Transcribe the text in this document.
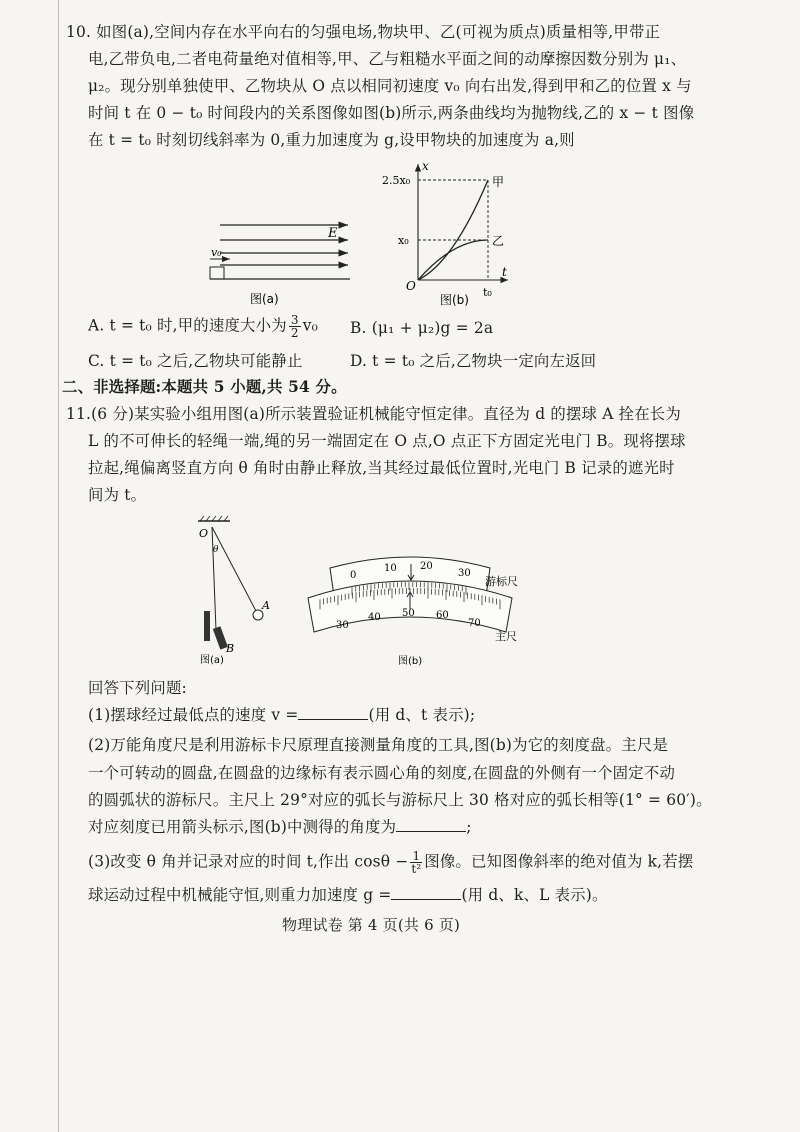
10. 如图(a),空间内存在水平向右的匀强电场,物块甲、乙(可视为质点)质量相等,甲带正
电,乙带负电,二者电荷量绝对值相等,甲、乙与粗糙水平面之间的动摩擦因数分别为 μ₁、
μ₂。现分别单独使甲、乙物块从 O 点以相同初速度 v₀ 向右出发,得到甲和乙的位置 x 与
时间 t 在 0 − t₀ 时间段内的关系图像如图(b)所示,两条曲线均为抛物线,乙的 x − t 图像
在 t = t₀ 时刻切线斜率为 0,重力加速度为 g,设甲物块的加速度为 a,则
E
v₀
图(a)
x
t
O
2.5x₀
x₀
t₀
甲
乙
图(b)
A. t = t₀ 时,甲的速度大小为 $\frac{3}{2} v_0$ B. (μ₁ + μ₂)g = 2a
C. t = t₀ 之后,乙物块可能静止	D. t = t₀ 之后,乙物块一定向左返回
二、非选择题:本题共 5 小题,共 54 分。
11.(6 分)某实验小组用图(a)所示装置验证机械能守恒定律。直径为 d 的摆球 A 拴在长为
L 的不可伸长的轻绳一端,绳的另一端固定在 O 点,O 点正下方固定光电门 B。现将摆球
拉起,绳偏离竖直方向 θ 角时由静止释放,当其经过最低位置时,光电门 B 记录的遮光时
间为 t。
O
θ
A
B
图(a)
0
10 20
30
30
40 50 60
70
游标尺
主尺
图(b)
回答下列问题:
(1)摆球经过最低点的速度 v =	(用 d、t 表示);
(2)万能角度尺是利用游标卡尺原理直接测量角度的工具,图(b)为它的刻度盘。主尺是
一个可转动的圆盘,在圆盘的边缘标有表示圆心角的刻度,在圆盘的外侧有一个固定不动
的圆弧状的游标尺。主尺上 29°对应的弧长与游标尺上 30 格对应的弧长相等(1° = 60′)。
对应刻度已用箭头标示,图(b)中测得的角度为	;
(3)改变 θ 角并记录对应的时间 t,作出 $\cos\theta - \frac{1}{\text{t²}}$ 图像。已知图像斜率的绝对值为 k,若摆
球运动过程中机械能守恒,则重力加速度 g =	(用 d、k、L 表示)。
物理试卷 第 4 页(共 6 页)
